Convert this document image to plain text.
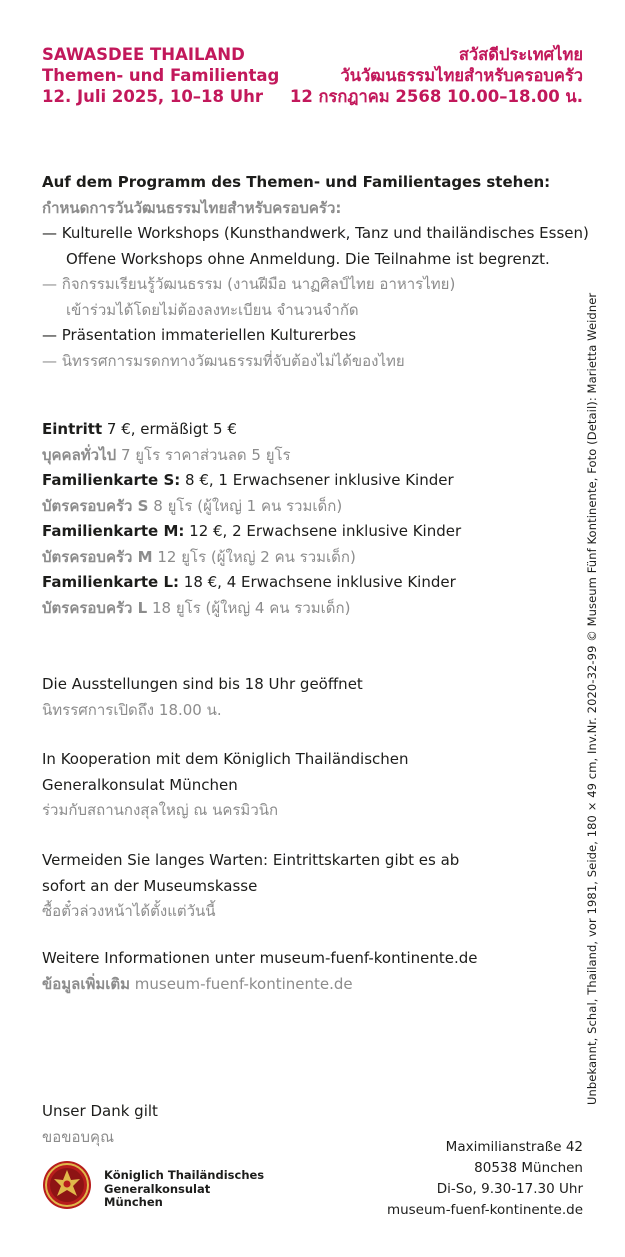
SAWASDEE THAILAND
Themen- und Familientag
12. Juli 2025, 10–18 Uhr
สวัสดีประเทศไทย
วันวัฒนธรรมไทยสำหรับครอบครัว
12 กรกฎาคม 2568 10.00–18.00 น.
Auf dem Programm des Themen- und Familientages stehen:
กำหนดการวันวัฒนธรรมไทยสำหรับครอบครัว:
— Kulturelle Workshops (Kunsthandwerk, Tanz und thailändisches Essen)
Offene Workshops ohne Anmeldung. Die Teilnahme ist begrenzt.
— กิจกรรมเรียนรู้วัฒนธรรม (งานฝีมือ นาฏศิลป์ไทย อาหารไทย)
เข้าร่วมได้โดยไม่ต้องลงทะเบียน จำนวนจำกัด
— Präsentation immateriellen Kulturerbes
— นิทรรศการมรดกทางวัฒนธรรมที่จับต้องไม่ได้ของไทย
Eintritt 7 €, ermäßigt 5 €
บุคคลทั่วไป 7 ยูโร ราคาส่วนลด 5 ยูโร
Familienkarte S: 8 €, 1 Erwachsener inklusive Kinder
บัตรครอบครัว S 8 ยูโร (ผู้ใหญ่ 1 คน รวมเด็ก)
Familienkarte M: 12 €, 2 Erwachsene inklusive Kinder
บัตรครอบครัว M 12 ยูโร (ผู้ใหญ่ 2 คน รวมเด็ก)
Familienkarte L: 18 €, 4 Erwachsene inklusive Kinder
บัตรครอบครัว L 18 ยูโร (ผู้ใหญ่ 4 คน รวมเด็ก)
Die Ausstellungen sind bis 18 Uhr geöffnet
นิทรรศการเปิดถึง 18.00 น.
In Kooperation mit dem Königlich Thailändischen
Generalkonsulat München
ร่วมกับสถานกงสุลใหญ่ ณ นครมิวนิก
Vermeiden Sie langes Warten: Eintrittskarten gibt es ab
sofort an der Museumskasse
ซื้อตั๋วล่วงหน้าได้ตั้งแต่วันนี้
Weitere Informationen unter museum-fuenf-kontinente.de
ข้อมูลเพิ่มเติม museum-fuenf-kontinente.de
Unser Dank gilt
ขอขอบคุณ
Königlich Thailändisches
Generalkonsulat
München
Maximilianstraße 42
80538 München
Di-So, 9.30-17.30 Uhr
museum-fuenf-kontinente.de
Unbekannt, Schal, Thailand, vor 1981, Seide, 180 × 49 cm, Inv.Nr. 2020-32-99 © Museum Fünf Kontinente, Foto (Detail): Marietta Weidner
